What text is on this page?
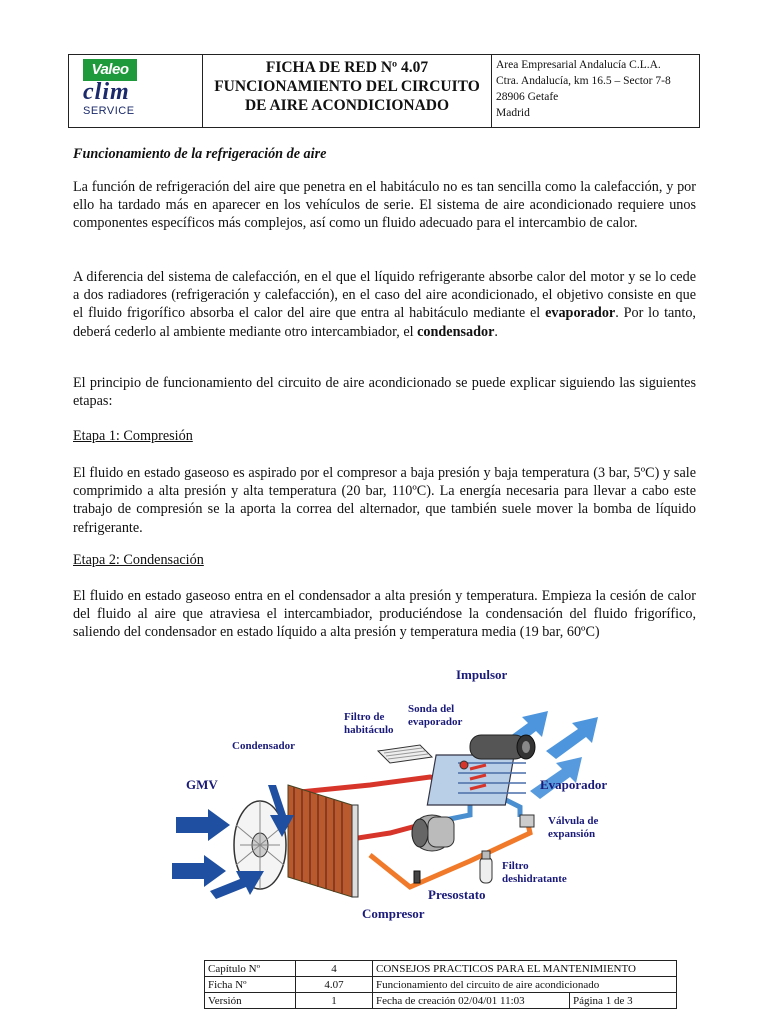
Valeo
clim
SERVICE
FICHA DE RED Nº 4.07
FUNCIONAMIENTO DEL CIRCUITO
DE AIRE ACONDICIONADO
Area Empresarial Andalucía C.L.A.
Ctra. Andalucía, km 16.5 – Sector 7-8
28906 Getafe
Madrid
Funcionamiento de la refrigeración de aire
La función de refrigeración del aire que penetra en el habitáculo no es tan sencilla como la calefacción, y por ello ha tardado más en aparecer en los vehículos de serie. El sistema de aire acondicionado requiere unos componentes específicos más complejos, así como un fluido adecuado para el intercambio de calor.
A diferencia del sistema de calefacción, en el que el líquido refrigerante absorbe calor del motor y se lo cede a dos radiadores (refrigeración y calefacción), en el caso del aire acondicionado, el objetivo consiste en que el fluido frigorífico absorba el calor del aire que entra al habitáculo mediante el evaporador. Por lo tanto, deberá cederlo al ambiente mediante otro intercambiador, el condensador.
El principio de funcionamiento del circuito de aire acondicionado se puede explicar siguiendo las siguientes etapas:
Etapa 1: Compresión
El fluido en estado gaseoso es aspirado por el compresor a baja presión y baja temperatura (3 bar, 5ºC) y sale comprimido a alta presión y alta temperatura (20 bar, 110ºC). La energía necesaria para llevar a cabo este trabajo de compresión se la aporta la correa del alternador, que también suele mover la bomba de líquido refrigerante.
Etapa 2: Condensación
El fluido en estado gaseoso entra en el condensador a alta presión y temperatura. Empieza la cesión de calor del fluido al aire que atraviesa el intercambiador, produciéndose la condensación del fluido frigorífico, saliendo del condensador en estado líquido a alta presión y temperatura media (19 bar, 60ºC)
Impulsor
Filtro de
habitáculo
Sonda del
evaporador
Condensador
GMV	Evaporador
Válvula de
expansión
Filtro
deshidratante
Presostato
Compresor
Capítulo Nº	4	CONSEJOS PRACTICOS PARA EL MANTENIMIENTO	
Ficha Nº	4.07	Funcionamiento del circuito de aire acondicionado	
Versión	1	Fecha de creación 02/04/01 11:03	Página 1 de 3
